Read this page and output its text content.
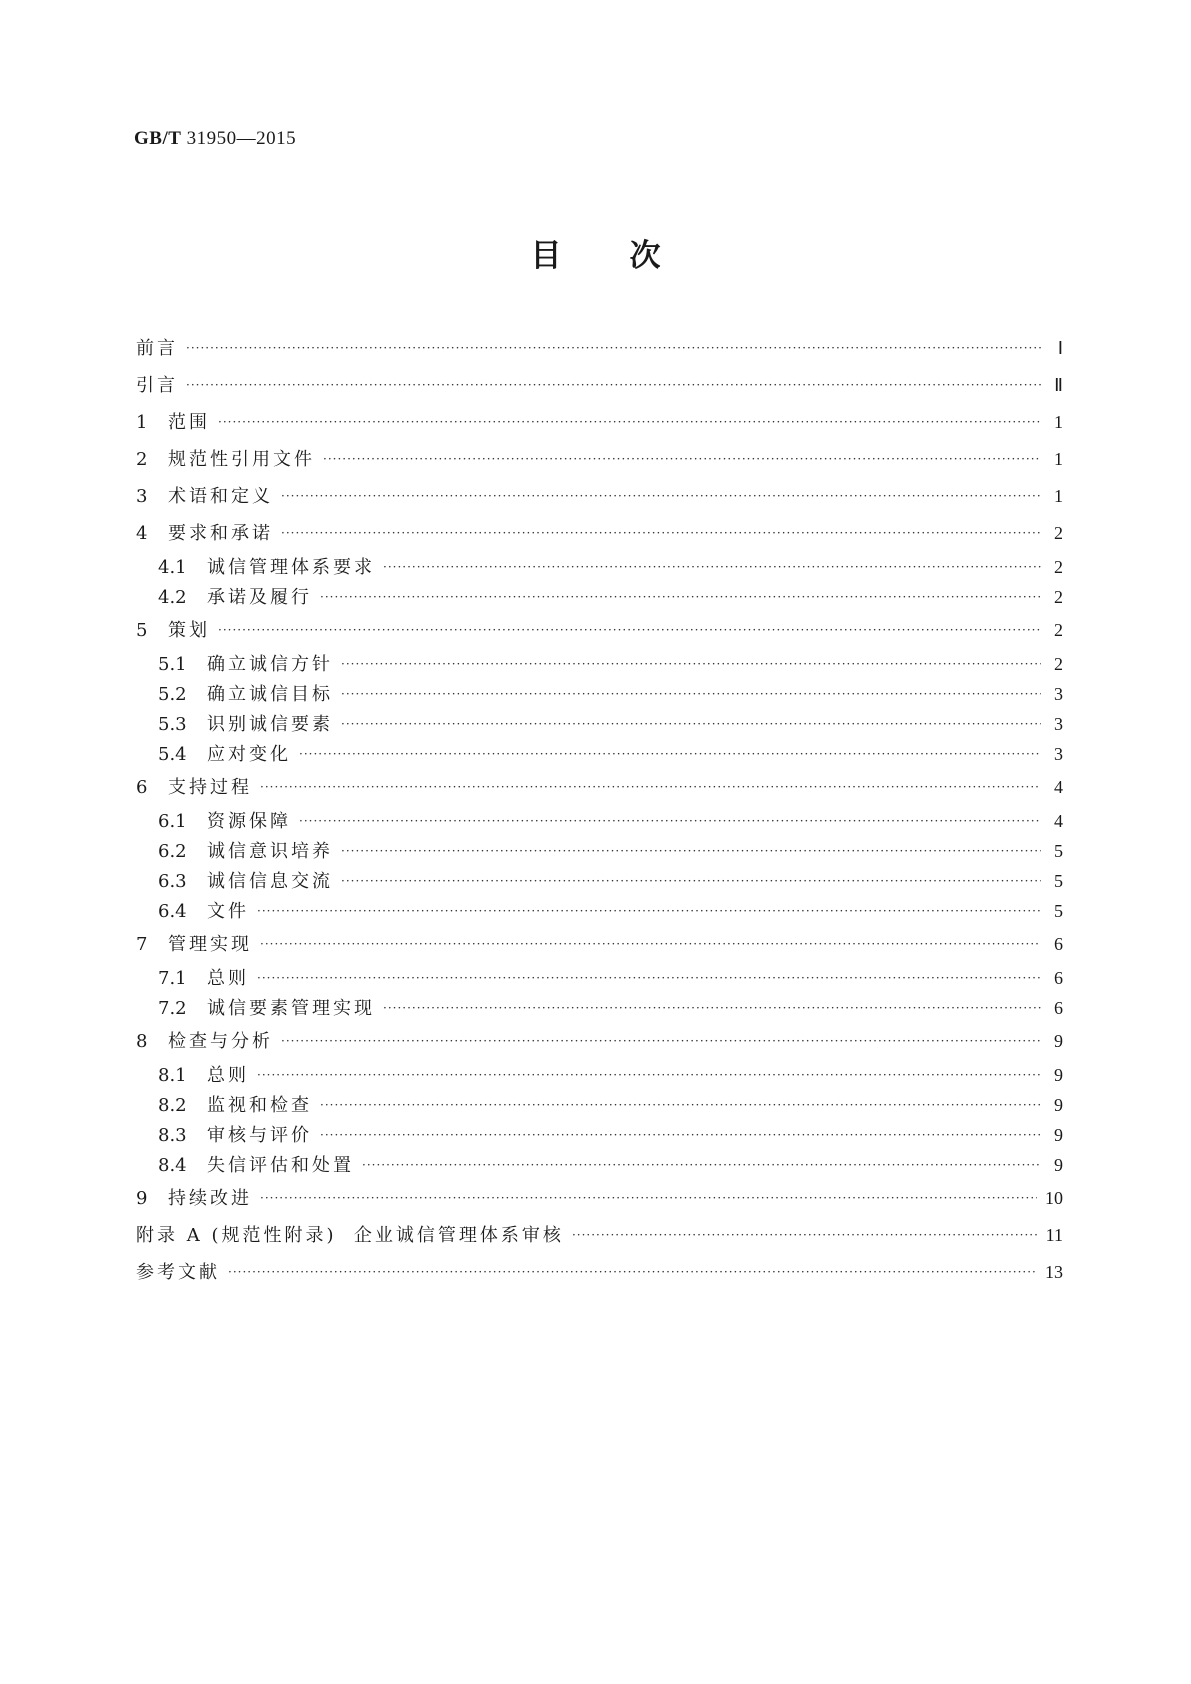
GB/T 31950—2015
目 次
前言 ·····	Ⅰ
引言 ·····	Ⅱ
1	范围 ·····	1
2	规范性引用文件 ·····	1
3	术语和定义 ·····	1
4	要求和承诺 ·····	2
4.1	诚信管理体系要求 ·····	2
4.2	承诺及履行 ·····	2
5	策划 ·····	2
5.1	确立诚信方针 ·····	2
5.2	确立诚信目标 ·····	3
5.3	识别诚信要素 ·····	3
5.4	应对变化 ·····	3
6	支持过程 ·····	4
6.1	资源保障 ·····	4
6.2	诚信意识培养 ·····	5
6.3	诚信信息交流 ·····	5
6.4	文件 ·····	5
7	管理实现 ·····	6
7.1	总则 ·····	6
7.2	诚信要素管理实现 ·····	6
8	检查与分析 ·····	9
8.1	总则 ·····	9
8.2	监视和检查 ·····	9
8.3	审核与评价 ·····	9
8.4	失信评估和处置 ·····	9
9	持续改进 ·····	10
附录 A (规范性附录)  企业诚信管理体系审核 ·····	11
参考文献 ·····	13
